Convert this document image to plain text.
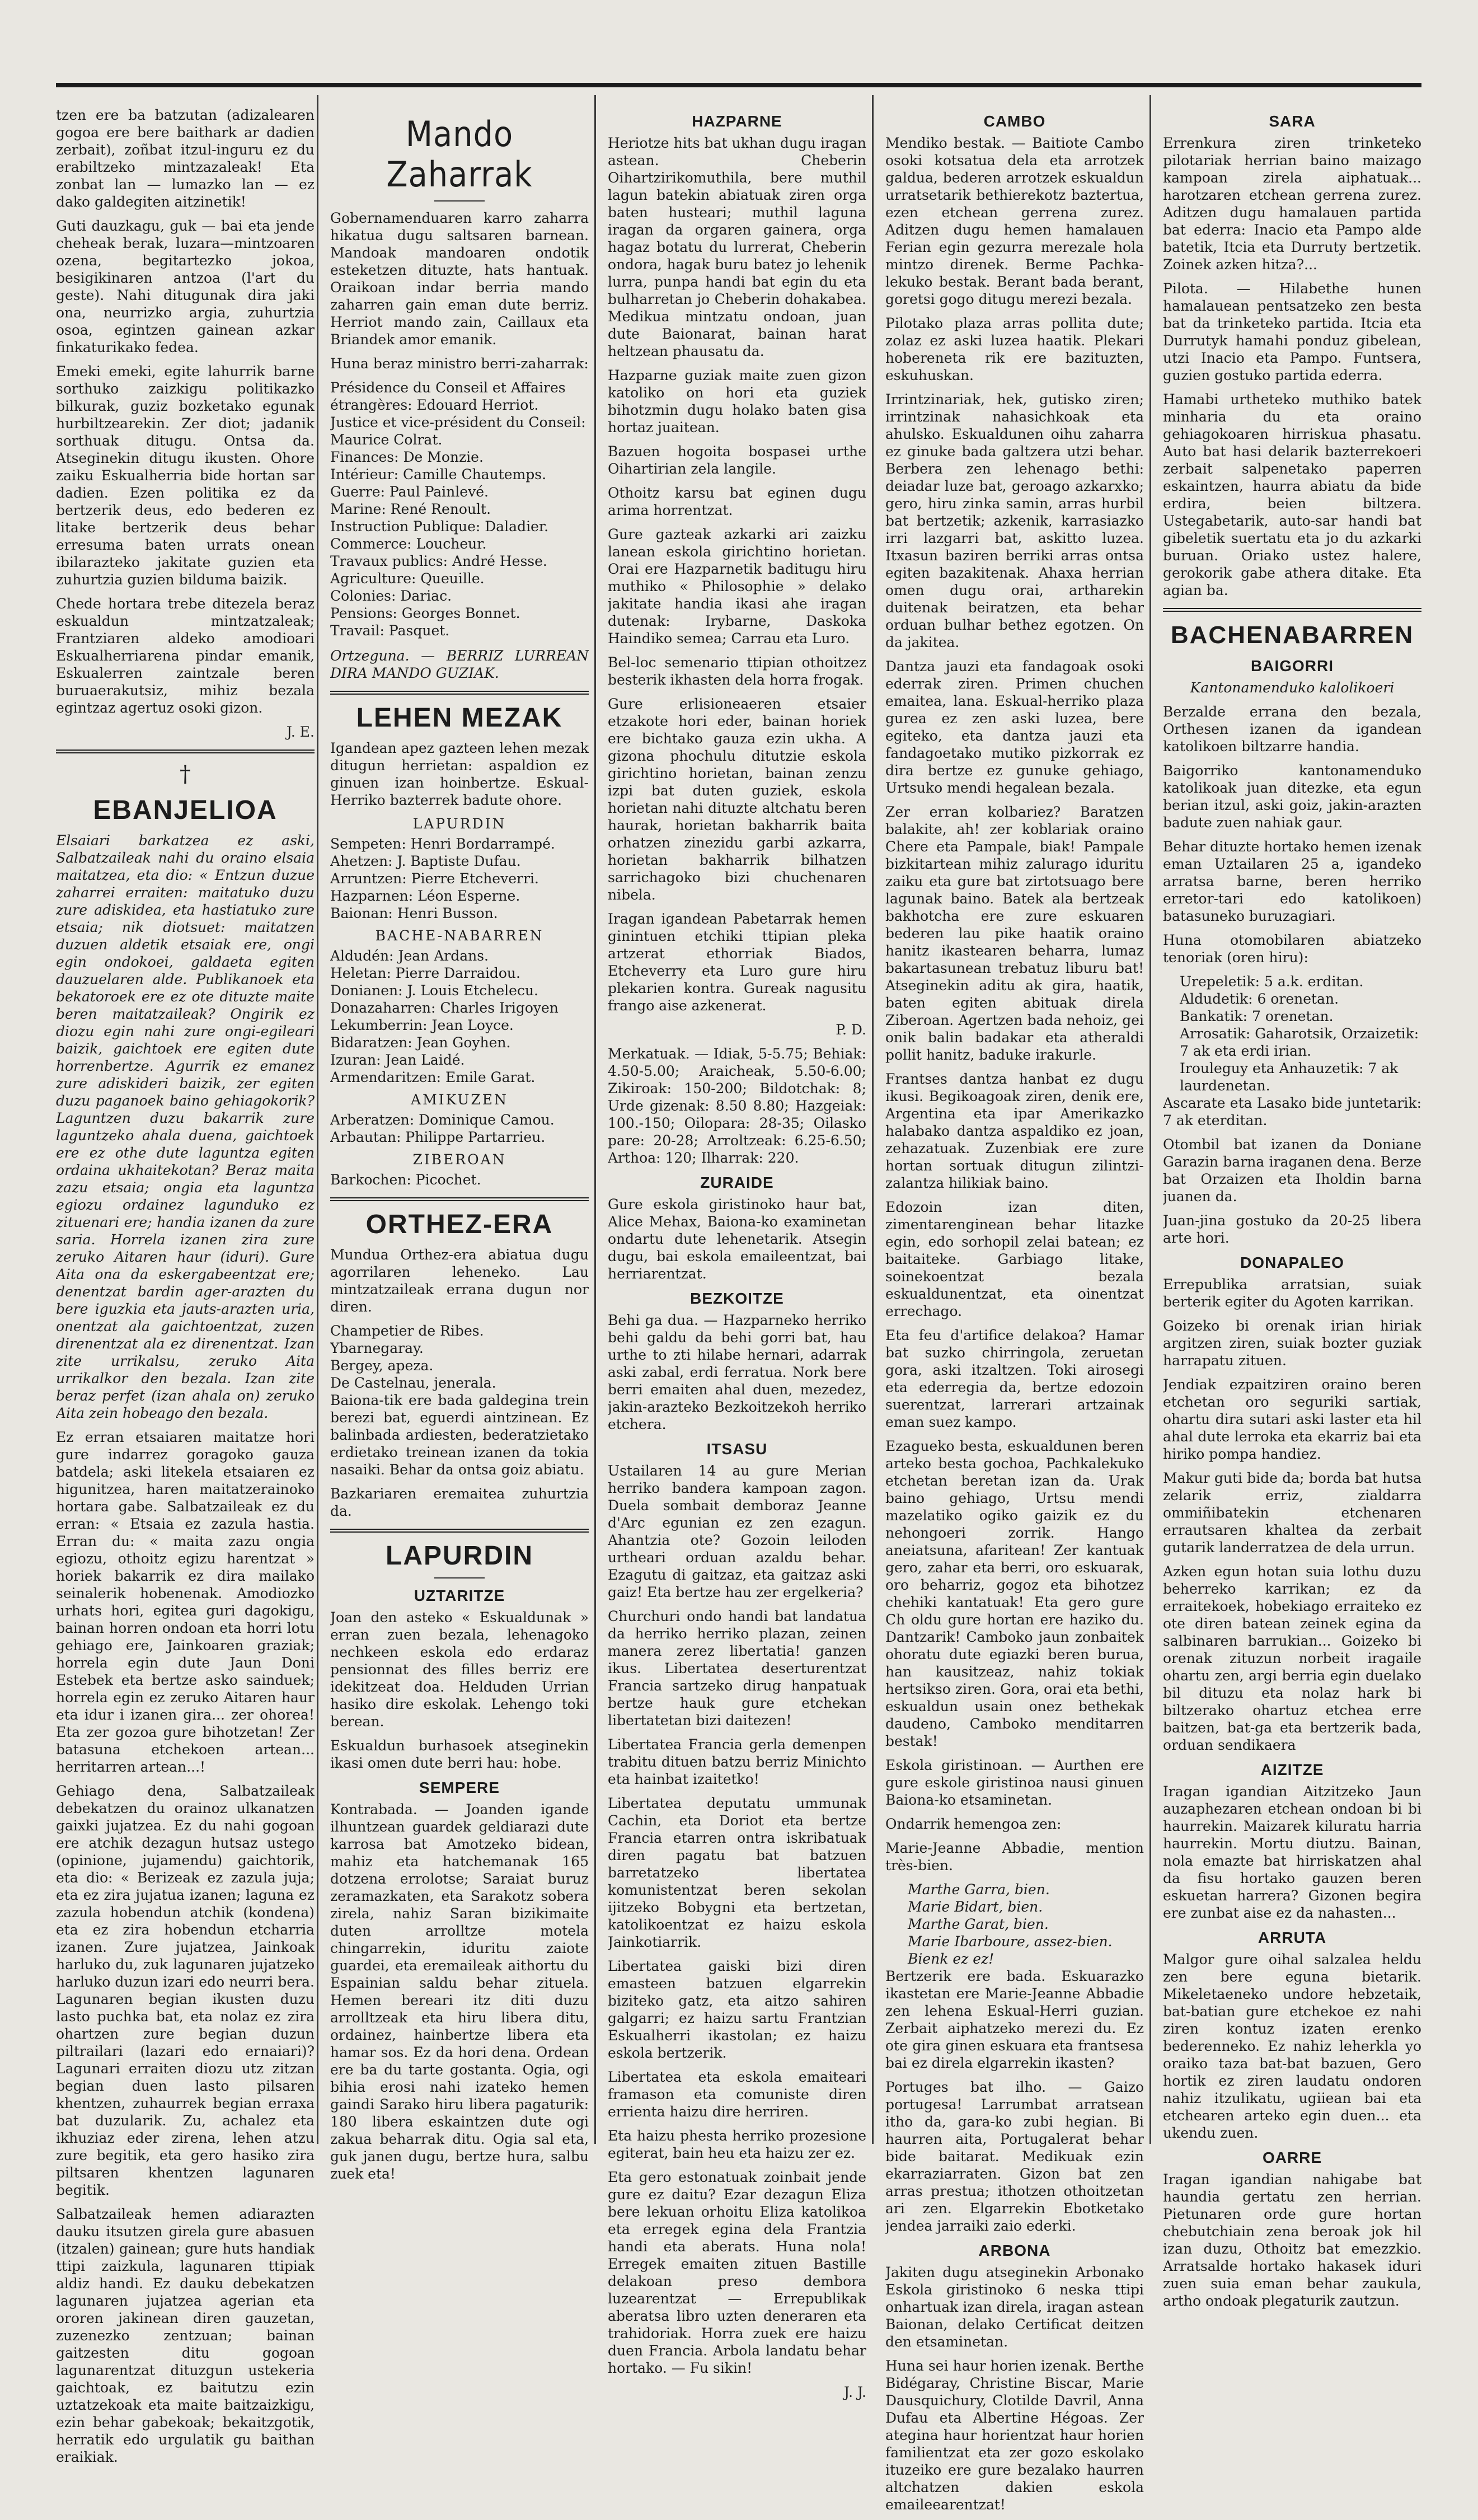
tzen ere ba batzutan (adizalearen gogoa ere bere baithark ar dadien zerbait), zoñbat itzul-inguru ez du erabiltzeko mintzazaleak! Eta zonbat lan — lumazko lan — ez dako galdegiten aitzinetik!

Guti dauzkagu, guk — bai eta jende cheheak berak, luzara—mintzoaren ozena, begitartezko jokoa, besigikinaren antzoa (l'art du geste). Nahi ditugunak dira jaki ona, neurrizko argia, zuhurtzia osoa, egintzen gainean azkar finkaturikako fedea.

Emeki emeki, egite lahurrik barne sorthuko zaizkigu politikazko bilkurak, guziz bozketako egunak hurbiltzearekin. Zer diot; jadanik sorthuak ditugu. Ontsa da. Atseginekin ditugu ikusten. Ohore zaiku Eskualherria bide hortan sar dadien. Ezen politika ez da bertzerik deus, edo bederen ez litake bertzerik deus behar erresuma baten urrats onean ibilarazteko jakitate guzien eta zuhurtzia guzien bilduma baizik.

Chede hortara trebe ditezela beraz eskualdun mintzatzaleak; Frantziaren aldeko amodioari Eskualherriarena pindar emanik, Eskualerren zaintzale beren buruaerakutsiz, mihiz bezala egintzaz agertuz osoki gizon.

J. E.

†
EBANJELIOA

Elsaiari barkatzea ez aski, Salbatzaileak nahi du oraino elsaia maitatzea, eta dio: « Entzun duzue zaharrei erraiten: maitatuko duzu zure adiskidea, eta hastiatuko zure etsaia; nik diotsuet: maitatzen duzuen aldetik etsaiak ere, ongi egin ondokoei, galdaeta egiten dauzuelaren alde. Publikanoek eta bekatoroek ere ez ote dituzte maite beren maitatzaileak? Ongirik ez diozu egin nahi zure ongi-egileari baizik, gaichtoek ere egiten dute horrenbertze. Agurrik ez emanez zure adiskideri baizik, zer egiten duzu paganoek baino gehiagokorik? Laguntzen duzu bakarrik zure laguntzeko ahala duena, gaichtoek ere ez othe dute laguntza egiten ordaina ukhaitekotan? Beraz maita zazu etsaia; ongia eta laguntza egiozu ordainez lagunduko ez zituenari ere; handia izanen da zure saria. Horrela izanen zira zure zeruko Aitaren haur (iduri). Gure Aita ona da eskergabeentzat ere; denentzat bardin ager-arazten du bere iguzkia eta jauts-arazten uria, onentzat ala gaichtoentzat, zuzen direnentzat ala ez direnentzat. Izan zite urrikalsu, zeruko Aita urrikalkor den bezala. Izan zite beraz perfet (izan ahala on) zeruko Aita zein hobeago den bezala.

Ez erran etsaiaren maitatze hori gure indarrez goragoko gauza batdela; aski litekela etsaiaren ez higunitzea, haren maitatzerainoko hortara gabe. Salbatzaileak ez du erran: « Etsaia ez zazula hastia. Erran du: « maita zazu ongia egiozu, othoitz egizu harentzat » horiek bakarrik ez dira mailako seinalerik hobenenak. Amodiozko urhats hori, egitea guri dagokigu, bainan horren ondoan eta horri lotu gehiago ere, Jainkoaren graziak; horrela egin dute Jaun Doni Estebek eta bertze asko sainduek; horrela egin ez zeruko Aitaren haur eta idur i izanen gira... zer ohorea! Eta zer gozoa gure bihotzetan! Zer batasuna etchekoen artean... herritarren artean...!

Gehiago dena, Salbatzaileak debekatzen du orainoz ulkanatzen gaixki jujatzea. Ez du nahi gogoan ere atchik dezagun hutsaz ustego (opinione, jujamendu) gaichtorik, eta dio: « Berizeak ez zazula juja; eta ez zira jujatua izanen; laguna ez zazula hobendun atchik (kondena) eta ez zira hobendun etcharria izanen. Zure jujatzea, Jainkoak harluko du, zuk lagunaren jujatzeko harluko duzun izari edo neurri bera. Lagunaren begian ikusten duzu lasto puchka bat, eta nolaz ez zira ohartzen zure begian duzun piltrailari (lazari edo ernaiari)? Lagunari erraiten diozu utz zitzan begian duen lasto pilsaren khentzen, zuhaurrek begian erraxa bat duzularik. Zu, achalez eta ikhuziaz eder zirena, lehen atzu zure begitik, eta gero hasiko zira piltsaren khentzen lagunaren begitik.

Salbatzaileak hemen adiarazten dauku itsutzen girela gure abasuen (itzalen) gainean; gure huts handiak ttipi zaizkula, lagunaren ttipiak aldiz handi. Ez dauku debekatzen lagunaren jujatzea agerian eta ororen jakinean diren gauzetan, zuzenezko zentzuan; bainan gaitzesten ditu gogoan lagunarentzat dituzgun ustekeria gaichtoak, ez baitutzu ezin uztatzekoak eta maite baitzaizkigu, ezin behar gabekoak; bekaitzgotik, herratik edo urgulatik gu baithan eraikiak.

Mando Zaharrak

Gobernamenduaren karro zaharra hikatua dugu saltsaren barnean. Mandoak mandoaren ondotik esteketzen dituzte, hats hantuak. Oraikoan indar berria mando zaharren gain eman dute berriz. Herriot mando zain, Caillaux eta Briandek amor emanik.

Huna beraz ministro berri-zaharrak:

Présidence du Conseil et Affaires étrangères: Edouard Herriot.
Justice et vice-président du Conseil: Maurice Colrat.
Finances: De Monzie.
Intérieur: Camille Chautemps.
Guerre: Paul Painlevé.
Marine: René Renoult.
Instruction Publique: Daladier.
Commerce: Loucheur.
Travaux publics: André Hesse.
Agriculture: Queuille.
Colonies: Dariac.
Pensions: Georges Bonnet.
Travail: Pasquet.

Ortzeguna. — BERRIZ LURREAN DIRA MANDO GUZIAK.

LEHEN MEZAK

Igandean apez gazteen lehen mezak ditugun herrietan: aspaldion ez ginuen izan hoinbertze. Eskual-Herriko bazterrek badute ohore.

LAPURDIN
Sempeten: Henri Bordarrampé.
Ahetzen: J. Baptiste Dufau.
Arruntzen: Pierre Etcheverri.
Hazparnen: Léon Esperne.
Baionan: Henri Busson.
BACHE-NABARREN
Aldudén: Jean Ardans.
Heletan: Pierre Darraidou.
Donianen: J. Louis Etchelecu.
Donazaharren: Charles Irigoyen
Lekumberrin: Jean Loyce.
Bidaratzen: Jean Goyhen.
Izuran: Jean Laidé.
Armendaritzen: Emile Garat.
AMIKUZEN
Arberatzen: Dominique Camou.
Arbautan: Philippe Partarrieu.
ZIBEROAN
Barkochen: Picochet.
ORTHEZ-ERA

Mundua Orthez-era abiatua dugu agorrilaren leheneko. Lau mintzatzaileak errana dugun nor diren.

Champetier de Ribes.
Ybarnegaray.
Bergey, apeza.
De Castelnau, jenerala.

Baiona-tik ere bada galdegina trein berezi bat, eguerdi aintzinean. Ez balinbada ardiesten, bederatzietako erdietako treinean izanen da tokia nasaiki. Behar da ontsa goiz abiatu.

Bazkariaren eremaitea zuhurtzia da.

LAPURDIN
UZTARITZE

Joan den asteko « Eskualdunak » erran zuen bezala, lehenagoko nechkeen eskola edo erdaraz pensionnat des filles berriz ere idekitzeat doa. Helduden Urrian hasiko dire eskolak. Lehengo toki berean.

Eskualdun burhasoek atseginekin ikasi omen dute berri hau: hobe.

SEMPERE

Kontrabada. — Joanden igande ilhuntzean guardek geldiarazi dute karrosa bat Amotzeko bidean, mahiz eta hatchemanak 165 dotzena errolotse; Saraiat buruz zeramazkaten, eta Sarakotz sobera zirela, nahiz Saran bizikimaite duten arrolltze motela chingarrekin, iduritu zaiote guardei, eta eremaileak aithortu du Espainian saldu behar zituela. Hemen bereari itz diti duzu arrolltzeak eta hiru libera ditu, ordainez, hainbertze libera eta hamar sos. Ez da hori dena. Ordean ere ba du tarte gostanta. Ogia, ogi bihia erosi nahi izateko hemen gaindi Sarako hiru libera pagaturik: 180 libera eskaintzen dute ogi zakua beharrak ditu. Ogia sal eta, guk janen dugu, bertze hura, salbu zuek eta!

HAZPARNE

Heriotze hits bat ukhan dugu iragan astean. Cheberin Oihartzirikomuthila, bere muthil lagun batekin abiatuak ziren orga baten husteari; muthil laguna iragan da orgaren gainera, orga hagaz botatu du lurrerat, Cheberin ondora, hagak buru batez jo lehenik lurra, punpa handi bat egin du eta bulharretan jo Cheberin dohakabea. Medikua mintzatu ondoan, juan dute Baionarat, bainan harat heltzean phausatu da.

Hazparne guziak maite zuen gizon katoliko on hori eta guziek bihotzmin dugu holako baten gisa hortaz juaitean.

Bazuen hogoita bospasei urthe Oihartirian zela langile.

Othoitz karsu bat eginen dugu arima horrentzat.

Gure gazteak azkarki ari zaizku lanean eskola girichtino horietan. Orai ere Hazparnetik baditugu hiru muthiko « Philosophie » delako jakitate handia ikasi ahe iragan dutenak: Irybarne, Daskoka Haindiko semea; Carrau eta Luro.

Bel-loc semenario ttipian othoitzez besterik ikhasten dela horra frogak.

Gure erlisioneaeren etsaier etzakote hori eder, bainan horiek ere bichtako gauza ezin ukha. A gizona phochulu ditutzie eskola girichtino horietan, bainan zenzu izpi bat duten guziek, eskola horietan nahi dituzte altchatu beren haurak, horietan bakharrik baita orhatzen zinezidu garbi azkarra, horietan bakharrik bilhatzen sarrichagoko bizi chuchenaren nibela.

Iragan igandean Pabetarrak hemen ginintuen etchiki ttipian pleka artzerat ethorriak Biados, Etcheverry eta Luro gure hiru plekarien kontra. Gureak nagusitu frango aise azkenerat.

P. D.

Merkatuak. — Idiak, 5-5.75; Behiak: 4.50-5.00; Araicheak, 5.50-6.00; Zikiroak: 150-200; Bildotchak: 8; Urde gizenak: 8.50 8.80; Hazgeiak: 100.-150; Oilopara: 28-35; Oilasko pare: 20-28; Arroltzeak: 6.25-6.50; Arthoa: 120; Ilharrak: 220.

ZURAIDE

Gure eskola giristinoko haur bat, Alice Mehax, Baiona-ko examinetan ondartu dute lehenetarik. Atsegin dugu, bai eskola emaileentzat, bai herriarentzat.

BEZKOITZE

Behi ga dua. — Hazparneko herriko behi galdu da behi gorri bat, hau urthe to zti hilabe hernari, adarrak aski zabal, erdi ferratua. Nork bere berri emaiten ahal duen, mezedez, jakin-arazteko Bezkoitzekoh herriko etchera.

ITSASU

Ustailaren 14 au gure Merian herriko bandera kampoan zagon. Duela sombait demboraz Jeanne d'Arc egunian ez zen ezagun. Ahantzia ote? Gozoin leiloden urtheari orduan azaldu behar. Ezagutu di gaitzaz, eta gaitzaz aski gaiz! Eta bertze hau zer ergelkeria?

Churchuri ondo handi bat landatua da herriko herriko plazan, zeinen manera zerez libertatia! ganzen ikus. Libertatea deserturentzat Francia sartzeko dirug hanpatuak bertze hauk gure etchekan libertatetan bizi daitezen!

Libertatea Francia gerla demenpen trabitu dituen batzu berriz Minichto eta hainbat izaitetko!

Libertatea deputatu ummunak Cachin, eta Doriot eta bertze Francia etarren ontra iskribatuak diren pagatu bat batzuen barretatzeko libertatea komunistentzat beren sekolan ijitzeko Bobygni eta bertzetan, katolikoentzat ez haizu eskola Jainkotiarrik.

Libertatea gaiski bizi diren emasteen batzuen elgarrekin biziteko gatz, eta aitzo sahiren galgarri; ez haizu sartu Frantzian Eskualherri ikastolan; ez haizu eskola bertzerik.

Libertatea eta eskola emaiteari framason eta comuniste diren errienta haizu dire herriren.

Eta haizu phesta herriko prozesione egiterat, bain heu eta haizu zer ez.

Eta gero estonatuak zoinbait jende gure ez daitu? Ezar dezagun Eliza bere lekuan orhoitu Eliza katolikoa eta erregek egina dela Frantzia handi eta aberats. Huna nola! Erregek emaiten zituen Bastille delakoan preso dembora luzearentzat — Errepublikak aberatsa libro uzten deneraren eta trahidoriak. Horra zuek ere haizu duen Francia. Arbola landatu behar hortako. — Fu sikin!

J. J.

CAMBO

Mendiko bestak. — Baitiote Cambo osoki kotsatua dela eta arrotzek galdua, bederen arrotzek eskualdun urratsetarik bethierekotz baztertua, ezen etchean gerrena zurez. Aditzen dugu hemen hamalauen Ferian egin gezurra merezale hola mintzo direnek. Berme Pachka-lekuko bestak. Berant bada berant, goretsi gogo ditugu merezi bezala.

Pilotako plaza arras pollita dute; zolaz ez aski luzea haatik. Plekari hobereneta rik ere bazituzten, eskuhuskan.

Irrintzinariak, hek, gutisko ziren; irrintzinak nahasichkoak eta ahulsko. Eskualdunen oihu zaharra ez ginuke bada galtzera utzi behar. Berbera zen lehenago bethi: deiadar luze bat, geroago azkarxko; gero, hiru zinka samin, arras hurbil bat bertzetik; azkenik, karrasiazko irri lazgarri bat, askitto luzea. Itxasun baziren berriki arras ontsa egiten bazakitenak. Ahaxa herrian omen dugu orai, artharekin duitenak beiratzen, eta behar orduan bulhar bethez egotzen. On da jakitea.

Dantza jauzi eta fandagoak osoki ederrak ziren. Primen chuchen emaitea, lana. Eskual-herriko plaza gurea ez zen aski luzea, bere egiteko, eta dantza jauzi eta fandagoetako mutiko pizkorrak ez dira bertze ez gunuke gehiago, Urtsuko mendi hegalean bezala.

Zer erran kolbariez? Baratzen balakite, ah! zer koblariak oraino Chere eta Pampale, biak! Pampale bizkitartean mihiz zalurago iduritu zaiku eta gure bat zirtotsuago bere lagunak baino. Batek ala bertzeak bakhotcha ere zure eskuaren bederen lau pike haatik oraino hanitz ikastearen beharra, lumaz bakartasunean trebatuz liburu bat! Atseginekin aditu ak gira, haatik, baten egiten abituak direla Ziberoan. Agertzen bada nehoiz, gei onik balin badakar eta atheraldi pollit hanitz, baduke irakurle.

Frantses dantza hanbat ez dugu ikusi. Begikoagoak ziren, denik ere, Argentina eta ipar Amerikazko halabako dantza aspaldiko ez joan, zehazatuak. Zuzenbiak ere zure hortan sortuak ditugun zilintzi-zalantza hilikiak baino.

Edozoin izan diten, zimentarenginean behar litazke egin, edo sorhopil zelai batean; ez baitaiteke. Garbiago litake, soinekoentzat bezala eskualdunentzat, eta oinentzat errechago.

Eta feu d'artifice delakoa? Hamar bat suzko chirringola, zeruetan gora, aski itzaltzen. Toki airosegi eta ederregia da, bertze edozoin suerentzat, larrerari artzainak eman suez kampo.

Ezagueko besta, eskualdunen beren arteko besta gochoa, Pachkalekuko etchetan beretan izan da. Urak baino gehiago, Urtsu mendi mazelatiko ogiko gaizik ez du nehongoeri zorrik. Hango aneiatsuna, afaritean! Zer kantuak gero, zahar eta berri, oro eskuarak, oro beharriz, gogoz eta bihotzez chehiki kantatuak! Eta gero gure Ch oldu gure hortan ere haziko du. Dantzarik! Camboko jaun zonbaitek ohoratu dute egiazki beren burua, han kausitzeaz, nahiz tokiak hertsikso ziren. Gora, orai eta bethi, eskualdun usain onez bethekak daudeno, Camboko menditarren bestak!

Eskola giristinoan. — Aurthen ere gure eskole giristinoa nausi ginuen Baiona-ko etsaminetan.

Ondarrik hemengoa zen:

Marie-Jeanne Abbadie, mention très-bien.

Marthe Garra, bien.
Marie Bidart, bien.
Marthe Garat, bien.
Marie Ibarboure, assez-bien.
Bienk ez ez!

Bertzerik ere bada. Eskuarazko ikastetan ere Marie-Jeanne Abbadie zen lehena Eskual-Herri guzian. Zerbait aiphatzeko merezi du. Ez ote gira ginen eskuara eta frantsesa bai ez direla elgarrekin ikasten?

Portuges bat ilho. — Gaizo portugesa! Larrumbat arratsean itho da, gara-ko zubi hegian. Bi haurren aita, Portugalerat behar bide baitarat. Medikuak ezin ekarraziarraten. Gizon bat zen arras prestua; ithotzen othoitzetan ari zen. Elgarrekin Ebotketako jendea jarraiki zaio ederki.

ARBONA

Jakiten dugu atseginekin Arbonako Eskola giristinoko 6 neska ttipi onhartuak izan direla, iragan astean Baionan, delako Certificat deitzen den etsaminetan.

Huna sei haur horien izenak. Berthe Bidégaray, Christine Biscar, Marie Dausquichury, Clotilde Davril, Anna Dufau eta Albertine Hégoas. Zer ategina haur horientzat haur horien familientzat eta zer gozo eskolako ituzeiko ere gure bezalako haurren altchatzen dakien eskola emaileearentzat!

SARA

Errenkura ziren trinketeko pilotariak herrian baino maizago kampoan zirela aiphatuak... harotzaren etchean gerrena zurez. Aditzen dugu hamalauen partida bat ederra: Inacio eta Pampo alde batetik, Itcia eta Durruty bertzetik. Zoinek azken hitza?...

Pilota. — Hilabethe hunen hamalauean pentsatzeko zen besta bat da trinketeko partida. Itcia eta Durrutyk hamahi ponduz gibelean, utzi Inacio eta Pampo. Funtsera, guzien gostuko partida ederra.

Hamabi urtheteko muthiko batek minharia du eta oraino gehiagokoaren hirriskua phasatu. Auto bat hasi delarik bazterrekoeri zerbait salpenetako paperren eskaintzen, haurra abiatu da bide erdira, beien biltzera. Ustegabetarik, auto-sar handi bat gibeletik suertatu eta jo du azkarki buruan. Oriako ustez halere, gerokorik gabe athera ditake. Eta agian ba.

BACHENABARREN
BAIGORRI

Kantonamenduko kalolikoeri

Berzalde errana den bezala, Orthesen izanen da igandean katolikoen biltzarre handia.

Baigorriko kantonamenduko katolikoak juan ditezke, eta egun berian itzul, aski goiz, jakin-arazten badute zuen nahiak gaur.

Behar dituzte hortako hemen izenak eman Uztailaren 25 a, igandeko arratsa barne, beren herriko erretor-tari edo katolikoen) batasuneko buruzagiari.

Huna otomobilaren abiatzeko tenoriak (oren hiru):

Urepeletik: 5 a.k. erditan.
Aldudetik: 6 orenetan.
Bankatik: 7 orenetan.
Arrosatik: Gaharotsik, Orzaizetik: 7 ak eta erdi irian.
Irouleguy eta Anhauzetik: 7 ak laurdenetan.

Ascarate eta Lasako bide juntetarik: 7 ak eterditan.

Otombil bat izanen da Doniane Garazin barna iraganen dena. Berze bat Orzaizen eta Iholdin barna juanen da.

Juan-jina gostuko da 20-25 libera arte hori.

DONAPALEO

Errepublika arratsian, suiak berterik egiter du Agoten karrikan.

Goizeko bi orenak irian hiriak argitzen ziren, suiak bozter guziak harrapatu zituen.

Jendiak ezpaitziren oraino beren etchetan oro seguriki sartiak, ohartu dira sutari aski laster eta hil ahal dute lerroka eta ekarriz bai eta hiriko pompa handiez.

Makur guti bide da; borda bat hutsa zelarik erriz, zialdarra ommiñibatekin etchenaren errautsaren khaltea da zerbait gutarik landerratzea de dela urrun.

Azken egun hotan suia lothu duzu beherreko karrikan; ez da erraitekoek, hobekiago erraiteko ez ote diren batean zeinek egina da salbinaren barrukian... Goizeko bi orenak zituzun norbeit iragaile ohartu zen, argi berria egin duelako bil dituzu eta nolaz hark bi biltzerako ohartuz etchea erre baitzen, bat-ga eta bertzerik bada, orduan sendikaera

AIZITZE

Iragan igandian Aitzitzeko Jaun auzaphezaren etchean ondoan bi bi haurrekin. Maizarek kiluratu harria haurrekin. Mortu diutzu. Bainan, nola emazte bat hirriskatzen ahal da fisu hortako gauzen beren eskuetan harrera? Gizonen begira ere zunbat aise ez da nahasten...

ARRUTA

Malgor gure oihal salzalea heldu zen bere eguna bietarik. Mikeletaeneko undore hebzetaik, bat-batian gure etchekoe ez nahi ziren kontuz izaten erenko bederenneko. Ez nahiz leherkla yo oraiko taza bat-bat bazuen, Gero hortik ez ziren laudatu ondoren nahiz itzulikatu, ugiiean bai eta etchearen arteko egin duen... eta ukendu zuen.

OARRE

Iragan igandian nahigabe bat haundia gertatu zen herrian. Pietunaren orde gure hortan chebutchiain zena beroak jok hil izan duzu, Othoitz bat emezzkio. Arratsalde hortako hakasek iduri zuen suia eman behar zaukula, artho ondoak plegaturik zautzun.
